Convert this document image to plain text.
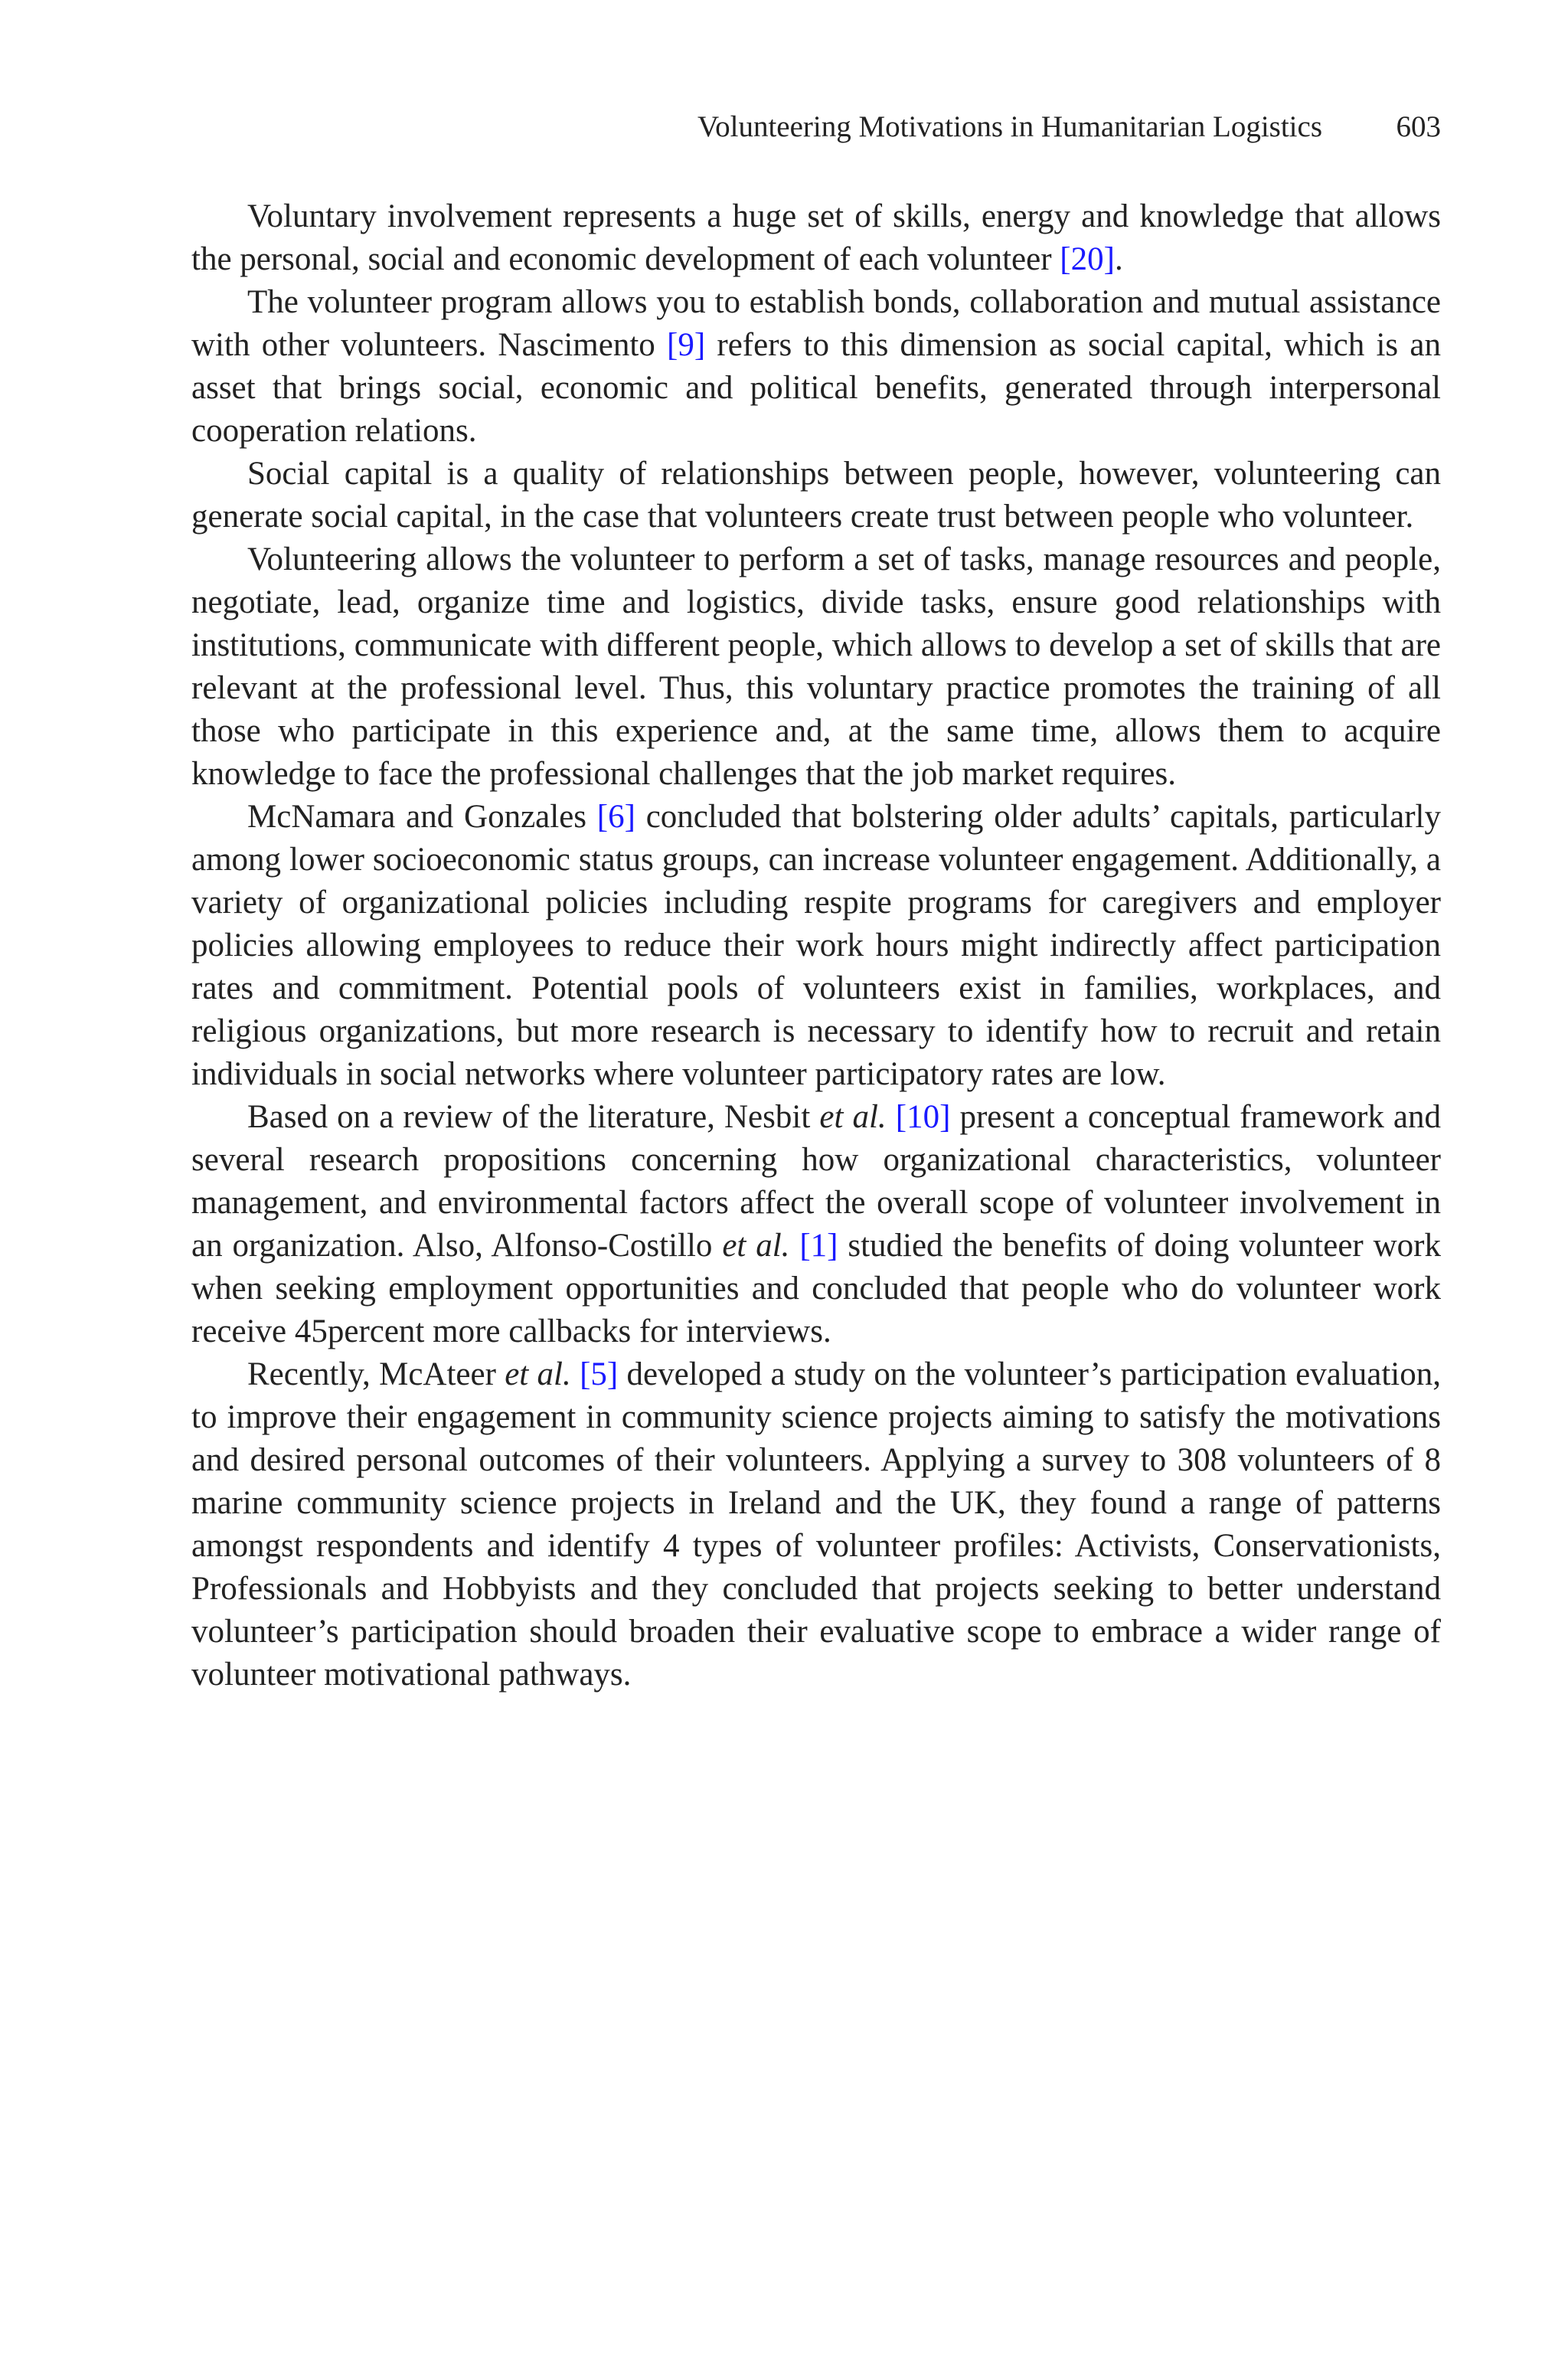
Volunteering Motivations in Humanitarian Logistics 603

Voluntary involvement represents a huge set of skills, energy and knowledge that allows the personal, social and economic development of each volunteer [20].

The volunteer program allows you to establish bonds, collaboration and mutual assistance with other volunteers. Nascimento [9] refers to this dimension as social capital, which is an asset that brings social, economic and political benefits, generated through interpersonal cooperation relations.

Social capital is a quality of relationships between people, however, volunteering can generate social capital, in the case that volunteers create trust between people who volunteer.

Volunteering allows the volunteer to perform a set of tasks, manage resources and people, negotiate, lead, organize time and logistics, divide tasks, ensure good relationships with institutions, communicate with different people, which allows to develop a set of skills that are relevant at the professional level. Thus, this voluntary practice promotes the training of all those who participate in this experience and, at the same time, allows them to acquire knowledge to face the professional challenges that the job market requires.

McNamara and Gonzales [6] concluded that bolstering older adults’ capitals, particularly among lower socioeconomic status groups, can increase volunteer engagement. Additionally, a variety of organizational policies including respite programs for caregivers and employer policies allowing employees to reduce their work hours might indirectly affect participation rates and commitment. Potential pools of volunteers exist in families, workplaces, and religious organizations, but more research is necessary to identify how to recruit and retain individuals in social networks where volunteer participatory rates are low.

Based on a review of the literature, Nesbit et al. [10] present a conceptual framework and several research propositions concerning how organizational characteristics, volunteer management, and environmental factors affect the overall scope of volunteer involvement in an organization. Also, Alfonso-Costillo et al. [1] studied the benefits of doing volunteer work when seeking employment opportunities and concluded that people who do volunteer work receive 45percent more callbacks for interviews.

Recently, McAteer et al. [5] developed a study on the volunteer’s participation evaluation, to improve their engagement in community science projects aiming to satisfy the motivations and desired personal outcomes of their volunteers. Applying a survey to 308 volunteers of 8 marine community science projects in Ireland and the UK, they found a range of patterns amongst respondents and identify 4 types of volunteer profiles: Activists, Conservationists, Professionals and Hobbyists and they concluded that projects seeking to better understand volunteer’s participation should broaden their evaluative scope to embrace a wider range of volunteer motivational pathways.
